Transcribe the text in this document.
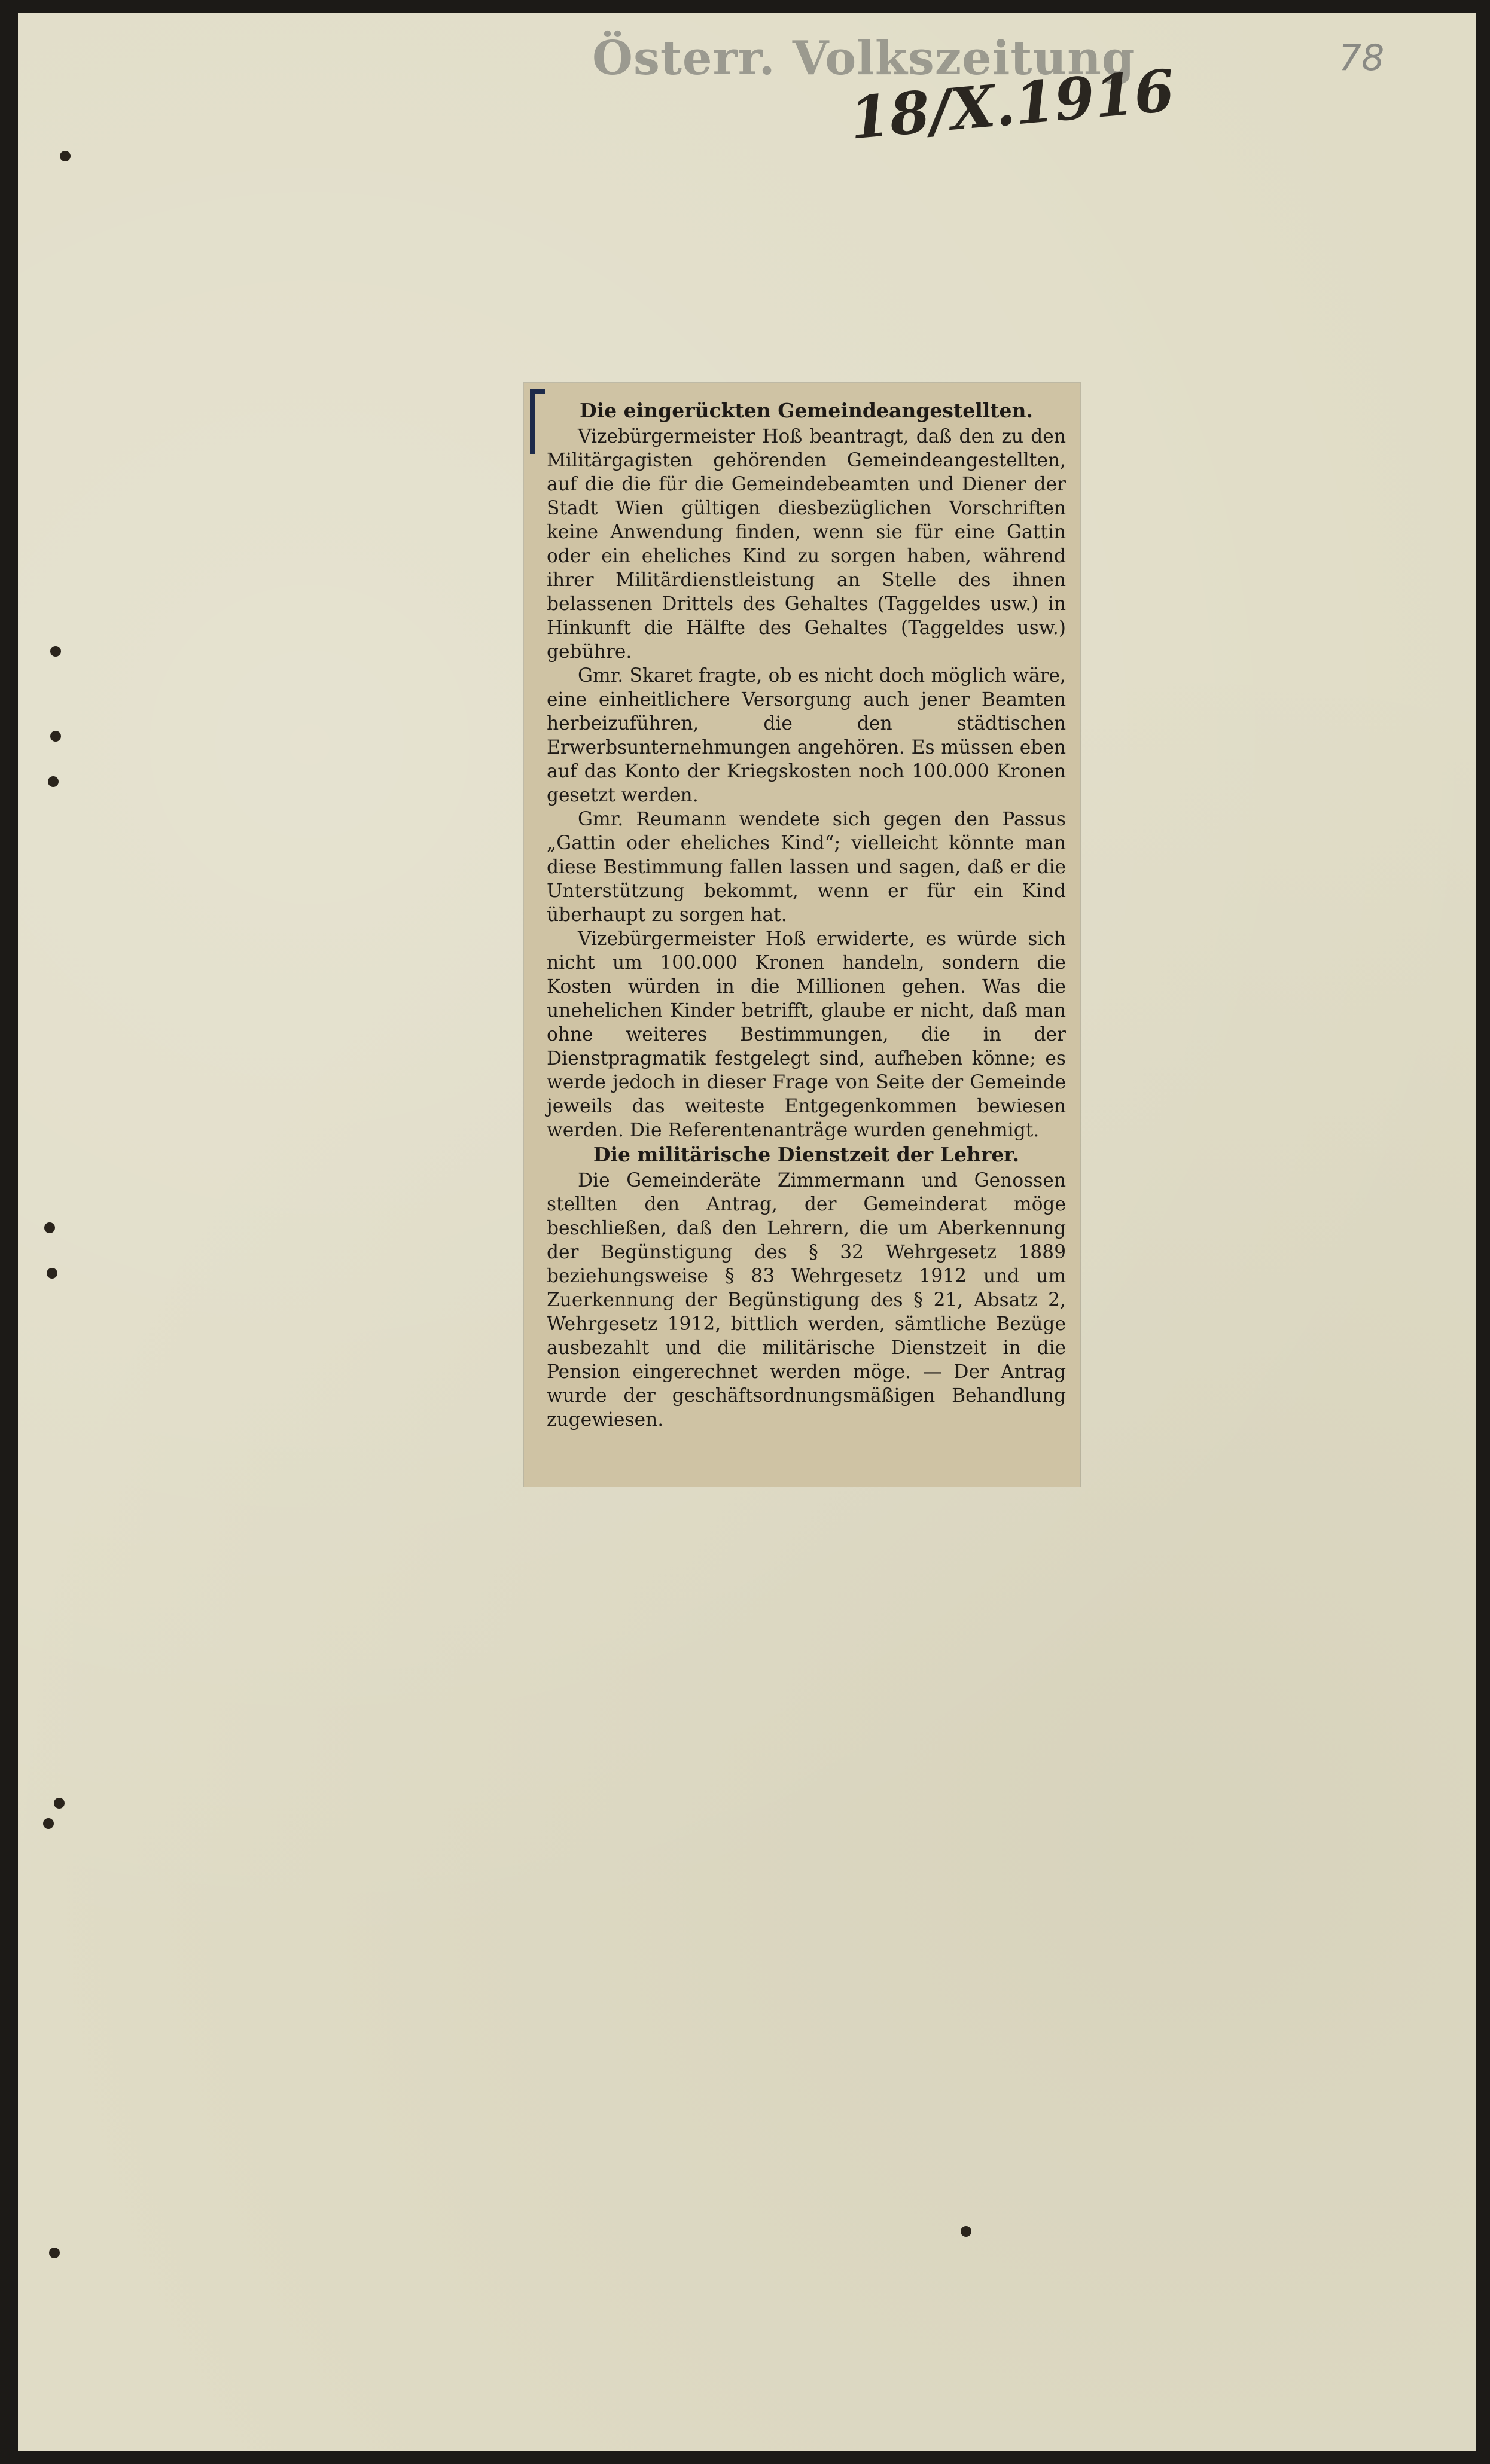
Österr. Volkszeitung
18/X.1916	78
Die eingerückten Gemeindeangestellten.

Vizebürgermeister Hoß beantragt, daß den zu den Militärgagisten gehörenden Gemeindeangestellten, auf die die für die Gemeindebeamten und Diener der Stadt Wien gültigen diesbezüglichen Vorschriften keine Anwendung finden, wenn sie für eine Gattin oder ein eheliches Kind zu sorgen haben, während ihrer Militärdienstleistung an Stelle des ihnen belassenen Drittels des Gehaltes (Taggeldes usw.) in Hinkunft die Hälfte des Gehaltes (Taggeldes usw.) gebühre.

Gmr. Skaret fragte, ob es nicht doch möglich wäre, eine einheitlichere Versorgung auch jener Beamten herbeizuführen, die den städtischen Erwerbsunternehmungen angehören. Es müssen eben auf das Konto der Kriegskosten noch 100.000 Kronen gesetzt werden.

Gmr. Reumann wendete sich gegen den Passus „Gattin oder eheliches Kind“; vielleicht könnte man diese Bestimmung fallen lassen und sagen, daß er die Unterstützung bekommt, wenn er für ein Kind überhaupt zu sorgen hat.

Vizebürgermeister Hoß erwiderte, es würde sich nicht um 100.000 Kronen handeln, sondern die Kosten würden in die Millionen gehen. Was die unehelichen Kinder betrifft, glaube er nicht, daß man ohne weiteres Bestimmungen, die in der Dienstpragmatik festgelegt sind, aufheben könne; es werde jedoch in dieser Frage von Seite der Gemeinde jeweils das weiteste Entgegenkommen bewiesen werden. Die Referentenanträge wurden genehmigt.

Die militärische Dienstzeit der Lehrer.

Die Gemeinderäte Zimmermann und Genossen stellten den Antrag, der Gemeinderat möge beschließen, daß den Lehrern, die um Aberkennung der Begünstigung des § 32 Wehrgesetz 1889 beziehungsweise § 83 Wehrgesetz 1912 und um Zuerkennung der Begünstigung des § 21, Absatz 2, Wehrgesetz 1912, bittlich werden, sämtliche Bezüge ausbezahlt und die militärische Dienstzeit in die Pension eingerechnet werden möge. — Der Antrag wurde der geschäftsordnungsmäßigen Behandlung zugewiesen.
